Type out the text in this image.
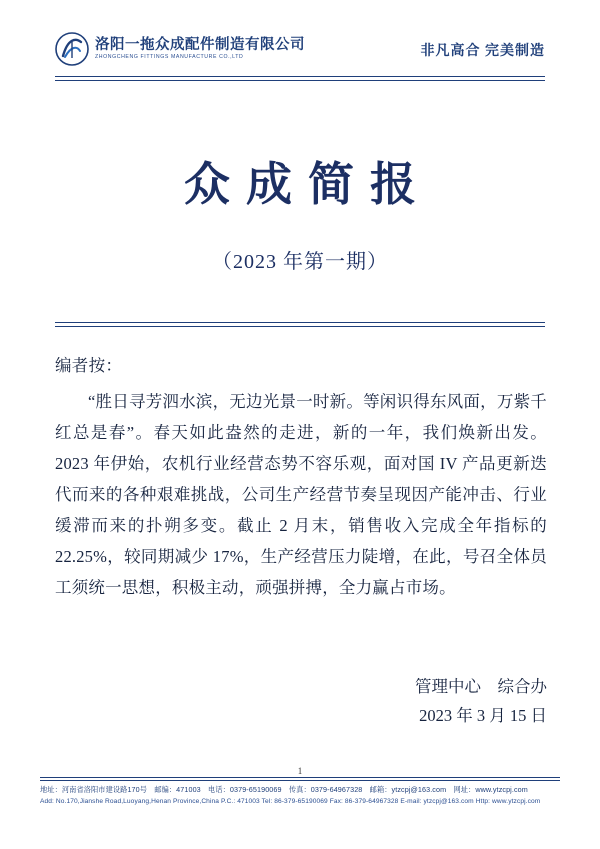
洛阳一拖众成配件制造有限公司
ZHONGCHENG FITTINGS MANUFACTURE CO.,LTD	非凡高合 完美制造
众成简报
（2023 年第一期）
编者按：
“胜日寻芳泗水滨，无边光景一时新。等闲识得东风面，万紫千红总是春”。春天如此盎然的走进，新的一年，我们焕新出发。2023 年伊始，农机行业经营态势不容乐观，面对国 IV 产品更新迭代而来的各种艰难挑战，公司生产经营节奏呈现因产能冲击、行业缓滞而来的扑朔多变。截止 2 月末，销售收入完成全年指标的 22.25%，较同期减少 17%，生产经营压力陡增，在此，号召全体员工须统一思想，积极主动，顽强拼搏，全力赢占市场。
管理中心　综合办
2023 年 3 月 15 日
1
地址：河南省洛阳市建设路170号　邮编：471003　电话：0379-65190069　传真：0379-64967328　邮箱：ytzcpj@163.com　网址：www.ytzcpj.com
Add: No.170,Jianshe Road,Luoyang,Henan Province,China P.C.: 471003 Tel: 86-379-65190069 Fax: 86-379-64967328 E-mail: ytzcpj@163.com Http: www.ytzcpj.com
